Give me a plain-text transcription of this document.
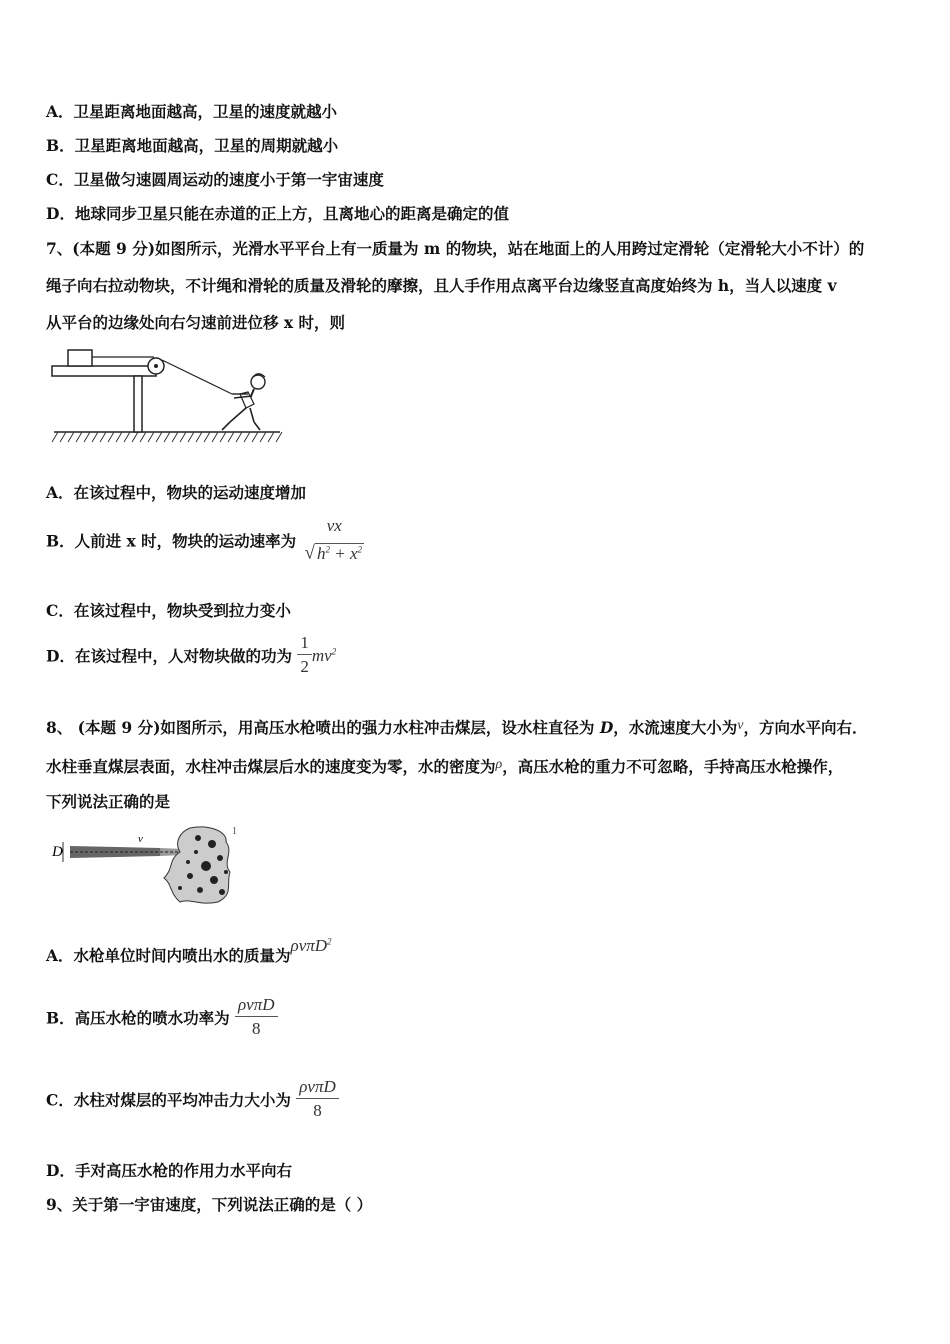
A．卫星距离地面越高，卫星的速度就越小
B．卫星距离地面越高，卫星的周期就越小
C．卫星做匀速圆周运动的速度小于第一宇宙速度
D．地球同步卫星只能在赤道的正上方，且离地心的距离是确定的值
7、(本题 9 分)如图所示，光滑水平平台上有一质量为 m 的物块，站在地面上的人用跨过定滑轮（定滑轮大小不计）的
绳子向右拉动物块，不计绳和滑轮的质量及滑轮的摩擦，且人手作用点离平台边缘竖直高度始终为 h，当人以速度 v
从平台的边缘处向右匀速前进位移 x 时，则
A．在该过程中，物块的运动速度增加
B．人前进 x 时，物块的运动速率为
vx
√ $h^2 + x^2$
C．在该过程中，物块受到拉力变小
D．在该过程中，人对物块做的功为 $\frac{1}{2} mv^2$
8、 (本题 9 分)如图所示，用高压水枪喷出的强力水柱冲击煤层，设水柱直径为 D，水流速度大小为v，方向水平向右．
水柱垂直煤层表面，水柱冲击煤层后水的速度变为零，水的密度为ρ，高压水枪的重力不可忽略，手持高压水枪操作，
下列说法正确的是
D
v
1
A．水枪单位时间内喷出水的质量为ρvπD$^2$
B．高压水枪的喷水功率为 $\frac{\text{ρvπD}}{8}$
C．水柱对煤层的平均冲击力大小为 $\frac{\text{ρvπD}}{8}$
D．手对高压水枪的作用力水平向右
9、关于第一宇宙速度，下列说法正确的是（ ）
